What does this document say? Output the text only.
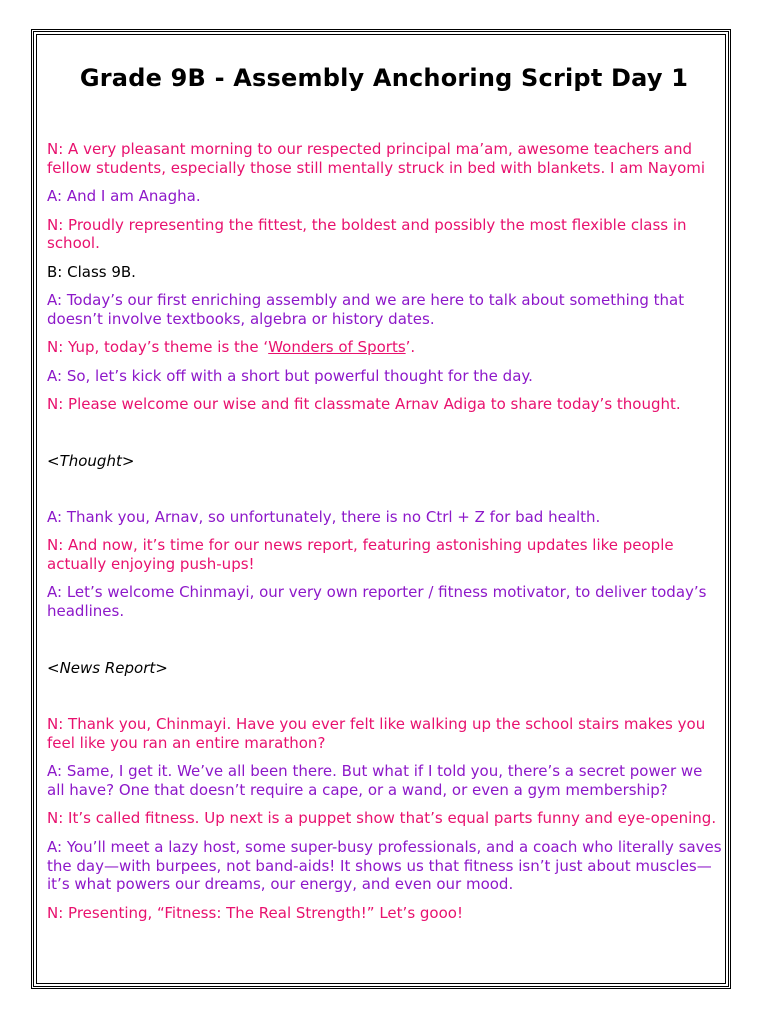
Grade 9B - Assembly Anchoring Script Day 1

N: A very pleasant morning to our respected principal ma’am, awesome teachers and fellow students, especially those still mentally struck in bed with blankets. I am Nayomi

A: And I am Anagha.

N: Proudly representing the fittest, the boldest and possibly the most flexible class in school.

B: Class 9B.

A: Today’s our first enriching assembly and we are here to talk about something that doesn’t involve textbooks, algebra or history dates.

N: Yup, today’s theme is the ‘Wonders of Sports’.

A: So, let’s kick off with a short but powerful thought for the day.

N: Please welcome our wise and fit classmate Arnav Adiga to share today’s thought.

<Thought>

A: Thank you, Arnav, so unfortunately, there is no Ctrl + Z for bad health.

N: And now, it’s time for our news report, featuring astonishing updates like people actually enjoying push-ups!

A: Let’s welcome Chinmayi, our very own reporter / fitness motivator, to deliver today’s headlines.

<News Report>

N: Thank you, Chinmayi. Have you ever felt like walking up the school stairs makes you feel like you ran an entire marathon?

A: Same, I get it. We’ve all been there. But what if I told you, there’s a secret power we all have? One that doesn’t require a cape, or a wand, or even a gym membership?

N: It’s called fitness. Up next is a puppet show that’s equal parts funny and eye-opening.

A: You’ll meet a lazy host, some super-busy professionals, and a coach who literally saves the day—with burpees, not band-aids! It shows us that fitness isn’t just about muscles—it’s what powers our dreams, our energy, and even our mood.

N: Presenting, “Fitness: The Real Strength!” Let’s gooo!
